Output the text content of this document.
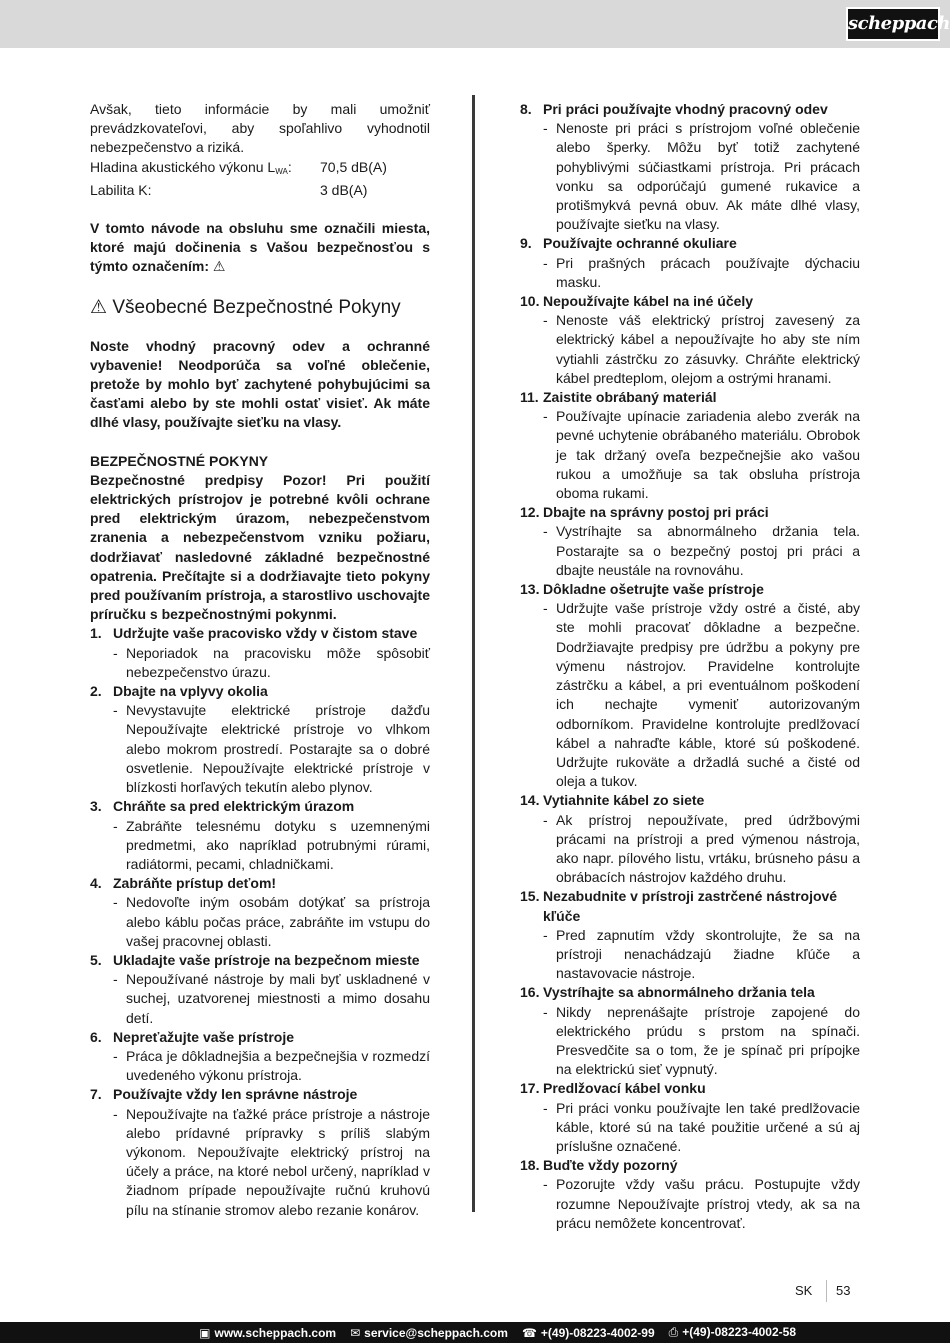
scheppach

Avšak, tieto informácie by mali umožniť prevádzkovateľovi, aby spoľahlivo vyhodnotil nebezpečenstvo a riziká.

Hladina akustického výkonu $L_{WA}$:	70,5 dB(A)
Labilita K:	3 dB(A)

V tomto návode na obsluhu sme označili miesta, ktoré majú dočinenia s Vašou bezpečnosťou s týmto označením: ⚠

⚠ Všeobecné Bezpečnostné Pokyny

Noste vhodný pracovný odev a ochranné vybavenie! Neodporúča sa voľné oblečenie, pretože by mohlo byť zachytené pohybujúcimi sa časťami alebo by ste mohli ostať visieť. Ak máte dlhé vlasy, používajte sieťku na vlasy.

BEZPEČNOSTNÉ POKYNY

Bezpečnostné predpisy Pozor! Pri použití elektrických prístrojov je potrebné kvôli ochrane pred elektrickým úrazom, nebezpečenstvom zranenia a nebezpečenstvom vzniku požiaru, dodržiavať nasledovné základné bezpečnostné opatrenia. Prečítajte si a dodržiavajte tieto pokyny pred používaním prístroja, a starostlivo uschovajte príručku s bezpečnostnými pokynmi.

1. Udržujte vaše pracovisko vždy v čistom stave
- Neporiadok na pracovisku môže spôsobiť nebezpečenstvo úrazu.
2. Dbajte na vplyvy okolia
- Nevystavujte elektrické prístroje dažďu Nepoužívajte elektrické prístroje vo vlhkom alebo mokrom prostredí. Postarajte sa o dobré osvetlenie. Nepoužívajte elektrické prístroje v blízkosti horľavých tekutín alebo plynov.
3. Chráňte sa pred elektrickým úrazom
- Zabráňte telesnému dotyku s uzemnenými predmetmi, ako napríklad potrubnými rúrami, radiátormi, pecami, chladničkami.
4. Zabráňte prístup deťom!
- Nedovoľte iným osobám dotýkať sa prístroja alebo káblu počas práce, zabráňte im vstupu do vašej pracovnej oblasti.
5. Ukladajte vaše prístroje na bezpečnom mieste
- Nepoužívané nástroje by mali byť uskladnené v suchej, uzatvorenej miestnosti a mimo dosahu detí.
6. Nepreťažujte vaše prístroje
- Práca je dôkladnejšia a bezpečnejšia v rozmedzí uvedeného výkonu prístroja.
7. Používajte vždy len správne nástroje
- Nepoužívajte na ťažké práce prístroje a nástroje alebo prídavné prípravky s príliš slabým výkonom. Nepoužívajte elektrický prístroj na účely a práce, na ktoré nebol určený, napríklad v žiadnom prípade nepoužívajte ručnú kruhovú pílu na stínanie stromov alebo rezanie konárov.
8. Pri práci používajte vhodný pracovný odev
- Nenoste pri práci s prístrojom voľné oblečenie alebo šperky. Môžu byť totiž zachytené pohyblivými súčiastkami prístroja. Pri prácach vonku sa odporúčajú gumené rukavice a protišmykvá pevná obuv. Ak máte dlhé vlasy, používajte sieťku na vlasy.
9. Používajte ochranné okuliare
- Pri prašných prácach používajte dýchaciu masku.
10. Nepoužívajte kábel na iné účely
- Nenoste váš elektrický prístroj zavesený za elektrický kábel a nepoužívajte ho aby ste ním vytiahli zástrčku zo zásuvky. Chráňte elektrický kábel predteplom, olejom a ostrými hranami.
11. Zaistite obrábaný materiál
- Používajte upínacie zariadenia alebo zverák na pevné uchytenie obrábaného materiálu. Obrobok je tak držaný oveľa bezpečnejšie ako vašou rukou a umožňuje sa tak obsluha prístroja oboma rukami.
12. Dbajte na správny postoj pri práci
- Vystríhajte sa abnormálneho držania tela. Postarajte sa o bezpečný postoj pri práci a dbajte neustále na rovnováhu.
13. Dôkladne ošetrujte vaše prístroje
- Udržujte vaše prístroje vždy ostré a čisté, aby ste mohli pracovať dôkladne a bezpečne. Dodržiavajte predpisy pre údržbu a pokyny pre výmenu nástrojov. Pravidelne kontrolujte zástrčku a kábel, a pri eventuálnom poškodení ich nechajte vymeniť autorizovaným odborníkom. Pravidelne kontrolujte predlžovací kábel a nahraďte káble, ktoré sú poškodené. Udržujte rukoväte a držadlá suché a čisté od oleja a tukov.
14. Vytiahnite kábel zo siete
- Ak prístroj nepoužívate, pred údržbovými prácami na prístroji a pred výmenou nástroja, ako napr. pílového listu, vrtáku, brúsneho pásu a obrábacích nástrojov každého druhu.
15. Nezabudnite v prístroji zastrčené nástrojové kľúče
- Pred zapnutím vždy skontrolujte, že sa na prístroji nenachádzajú žiadne kľúče a nastavovacie nástroje.
16. Vystríhajte sa abnormálneho držania tela
- Nikdy neprenášajte prístroje zapojené do elektrického prúdu s prstom na spínači. Presvedčite sa o tom, že je spínač pri prípojke na elektrickú sieť vypnutý.
17. Predlžovací kábel vonku
- Pri práci vonku používajte len také predlžovacie káble, ktoré sú na také použitie určené a sú aj príslušne označené.
18. Buďte vždy pozorný
- Pozorujte vždy vašu prácu. Postupujte vždy rozumne Nepoužívajte prístroj vtedy, ak sa na prácu nemôžete koncentrovať.
SK 53
▣ www.scheppach.com ✉ service@scheppach.com ☎ +(49)-08223-4002-99 ⎙ +(49)-08223-4002-58
